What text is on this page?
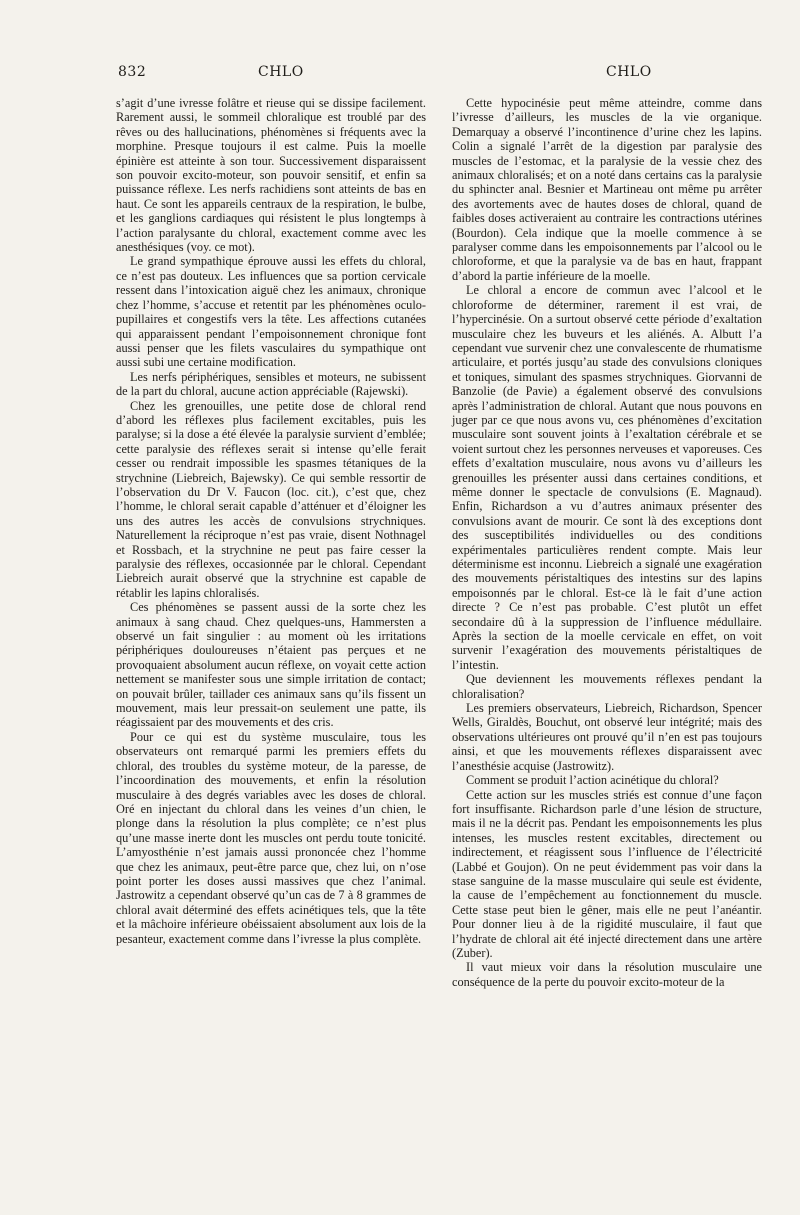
832	CHLO	CHLO

s’agit d’une ivresse folâtre et rieuse qui se dissipe facilement. Rarement aussi, le sommeil chloralique est troublé par des rêves ou des hallucinations, phénomènes si fréquents avec la morphine. Presque toujours il est calme. Puis la moelle épinière est atteinte à son tour. Successivement disparaissent son pouvoir excito-moteur, son pouvoir sensitif, et enfin sa puissance réflexe. Les nerfs rachidiens sont atteints de bas en haut. Ce sont les appareils centraux de la respiration, le bulbe, et les ganglions cardiaques qui résistent le plus longtemps à l’action paralysante du chloral, exactement comme avec les anesthésiques (voy. ce mot).

Le grand sympathique éprouve aussi les effets du chloral, ce n’est pas douteux. Les influences que sa portion cervicale ressent dans l’intoxication aiguë chez les animaux, chronique chez l’homme, s’accuse et retentit par les phénomènes oculo-pupillaires et congestifs vers la tête. Les affections cutanées qui apparaissent pendant l’empoisonnement chronique font aussi penser que les filets vasculaires du sympathique ont aussi subi une certaine modification.

Les nerfs périphériques, sensibles et moteurs, ne subissent de la part du chloral, aucune action appréciable (Rajewski).

Chez les grenouilles, une petite dose de chloral rend d’abord les réflexes plus facilement excitables, puis les paralyse; si la dose a été élevée la paralysie survient d’emblée; cette paralysie des réflexes serait si intense qu’elle ferait cesser ou rendrait impossible les spasmes tétaniques de la strychnine (Liebreich, Bajewsky). Ce qui semble ressortir de l’observation du Dr V. Faucon (loc. cit.), c’est que, chez l’homme, le chloral serait capable d’atténuer et d’éloigner les uns des autres les accès de convulsions strychniques. Naturellement la réciproque n’est pas vraie, disent Nothnagel et Rossbach, et la strychnine ne peut pas faire cesser la paralysie des réflexes, occasionnée par le chloral. Cependant Liebreich aurait observé que la strychnine est capable de rétablir les lapins chloralisés.

Ces phénomènes se passent aussi de la sorte chez les animaux à sang chaud. Chez quelques-uns, Hammersten a observé un fait singulier : au moment où les irritations périphériques douloureuses n’étaient pas perçues et ne provoquaient absolument aucun réflexe, on voyait cette action nettement se manifester sous une simple irritation de contact; on pouvait brûler, taillader ces animaux sans qu’ils fissent un mouvement, mais leur pressait-on seulement une patte, ils réagissaient par des mouvements et des cris.

Pour ce qui est du système musculaire, tous les observateurs ont remarqué parmi les premiers effets du chloral, des troubles du système moteur, de la paresse, de l’incoordination des mouvements, et enfin la résolution musculaire à des degrés variables avec les doses de chloral. Oré en injectant du chloral dans les veines d’un chien, le plonge dans la résolution la plus complète; ce n’est plus qu’une masse inerte dont les muscles ont perdu toute tonicité. L’amyosthénie n’est jamais aussi prononcée chez l’homme que chez les animaux, peut-être parce que, chez lui, on n’ose point porter les doses aussi massives que chez l’animal. Jastrowitz a cependant observé qu’un cas de 7 à 8 grammes de chloral avait déterminé des effets acinétiques tels, que la tête et la mâchoire inférieure obéissaient absolument aux lois de la pesanteur, exactement comme dans l’ivresse la plus complète.

Cette hypocinésie peut même atteindre, comme dans l’ivresse d’ailleurs, les muscles de la vie organique. Demarquay a observé l’incontinence d’urine chez les lapins. Colin a signalé l’arrêt de la digestion par paralysie des muscles de l’estomac, et la paralysie de la vessie chez des animaux chloralisés; et on a noté dans certains cas la paralysie du sphincter anal. Besnier et Martineau ont même pu arrêter des avortements avec de hautes doses de chloral, quand de faibles doses activeraient au contraire les contractions utérines (Bourdon). Cela indique que la moelle commence à se paralyser comme dans les empoisonnements par l’alcool ou le chloroforme, et que la paralysie va de bas en haut, frappant d’abord la partie inférieure de la moelle.

Le chloral a encore de commun avec l’alcool et le chloroforme de déterminer, rarement il est vrai, de l’hypercinésie. On a surtout observé cette période d’exaltation musculaire chez les buveurs et les aliénés. A. Albutt l’a cependant vue survenir chez une convalescente de rhumatisme articulaire, et portés jusqu’au stade des convulsions cloniques et toniques, simulant des spasmes strychniques. Giorvanni de Banzolie (de Pavie) a également observé des convulsions après l’administration de chloral. Autant que nous pouvons en juger par ce que nous avons vu, ces phénomènes d’excitation musculaire sont souvent joints à l’exaltation cérébrale et se voient surtout chez les personnes nerveuses et vaporeuses. Ces effets d’exaltation musculaire, nous avons vu d’ailleurs les grenouilles les présenter aussi dans certaines conditions, et même donner le spectacle de convulsions (E. Magnaud). Enfin, Richardson a vu d’autres animaux présenter des convulsions avant de mourir. Ce sont là des exceptions dont des susceptibilités individuelles ou des conditions expérimentales particulières rendent compte. Mais leur déterminisme est inconnu. Liebreich a signalé une exagération des mouvements péristaltiques des intestins sur des lapins empoisonnés par le chloral. Est-ce là le fait d’une action directe ? Ce n’est pas probable. C’est plutôt un effet secondaire dû à la suppression de l’influence médullaire. Après la section de la moelle cervicale en effet, on voit survenir l’exagération des mouvements péristaltiques de l’intestin.

Que deviennent les mouvements réflexes pendant la chloralisation?

Les premiers observateurs, Liebreich, Richardson, Spencer Wells, Giraldès, Bouchut, ont observé leur intégrité; mais des observations ultérieures ont prouvé qu’il n’en est pas toujours ainsi, et que les mouvements réflexes disparaissent avec l’anesthésie acquise (Jastrowitz).

Comment se produit l’action acinétique du chloral?

Cette action sur les muscles striés est connue d’une façon fort insuffisante. Richardson parle d’une lésion de structure, mais il ne la décrit pas. Pendant les empoisonnements les plus intenses, les muscles restent excitables, directement ou indirectement, et réagissent sous l’influence de l’électricité (Labbé et Goujon). On ne peut évidemment pas voir dans la stase sanguine de la masse musculaire qui seule est évidente, la cause de l’empêchement au fonctionnement du muscle. Cette stase peut bien le gêner, mais elle ne peut l’anéantir. Pour donner lieu à de la rigidité musculaire, il faut que l’hydrate de chloral ait été injecté directement dans une artère (Zuber).

Il vaut mieux voir dans la résolution musculaire une conséquence de la perte du pouvoir excito-moteur de la
